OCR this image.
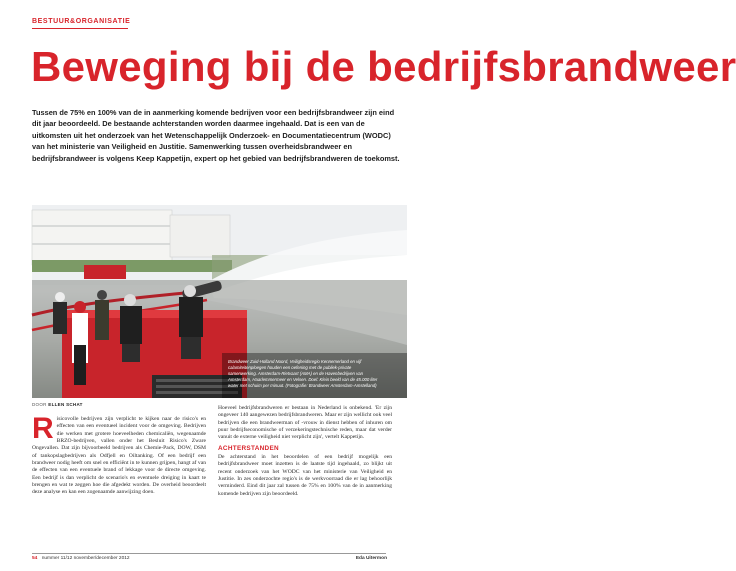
BESTUUR&ORGANISATIE
Beweging bij de bedrijfsbrandweer
Tussen de 75% en 100% van de in aanmerking komende bedrijven voor een bedrijfsbrandweer zijn eind dit jaar beoordeeld. De bestaande achterstanden worden daarmee ingehaald. Dat is een van de uitkomsten uit het onderzoek van het Wetenschappelijk Onderzoek- en Documentatiecentrum (WODC) van het ministerie van Veiligheid en Justitie. Samenwerking tussen overheidsbrandweer en bedrijfsbrandweer is volgens Keep Kappetijn, expert op het gebied van bedrijfsbrandweren de toekomst.
Brandweer Zuid-Holland Noord, Veiligheidsregio Kennemerland en vijf calamiteitenploegen houden een oefening met de publiek-private samenwerking. Amsterdam-Rietvaart (AMA) en de Havenbedrijven van Amsterdam, Haarlemmermeer en Velsen. Doel: Klein beeld van de 45.000 liter water met schuim per minuut. (Fotografie: Brandweer Amsterdam-Amstelland)
DOOR ELLEN SCHAT
R isicovolle bedrijven zijn verplicht te kijken naar de risico's en effecten van een eventueel incident voor de omgeving. Bedrijven die werken met grotere hoeveelheden chemicaliën, wegenaamde BRZO-bedrijven, vallen onder het Besluit Risico's Zware Ongevallen. Dat zijn bijvoorbeeld bedrijven als Chemie-Pack, DOW, DSM of tankopslagbedrijven als Odfjell en Oiltanking. Of een bedrijf een brandweer nodig heeft om snel en efficiënt in te kunnen grijpen, hangt af van de effecten van een eventuele brand of lekkage voor de directe omgeving. Een bedrijf is dan verplicht de scenario's en eventuele dreiging in kaart te brengen en wat te zeggen hoe die afgedekt worden. De overheid beoordeelt deze analyse en kan een zogenaamde aanwijzing doen.
Hoeveel bedrijfsbrandweren er bestaan in Nederland is onbekend. 'Er zijn ongeveer 140 aangewezen bedrijfsbrandweren. Maar er zijn wellicht ook veel bedrijven die een brandweerman of -vrouw in dienst hebben of inhuren om puur bedrijfseconomische of verzekeringstechnische reden, maar dat verder vanuit de externe veiligheid niet verplicht zijn', vertelt Kappetijn.
ACHTERSTANDEN
De achterstand in het beoordelen of een bedrijf mogelijk een bedrijfsbrandweer moet inzetten is de laatste tijd ingehaald, zo blijkt uit recent onderzoek van het WODC van het ministerie van Veiligheid en Justitie. In zes onderzochte regio's is de werkvoorraad die er lag behoorlijk verminderd. Eind dit jaar zal tussen de 75% en 100% van de in aanmerking komende bedrijven zijn beoordeeld.
54 nummer 11/12 november/december 2012	Eda Uitermon
